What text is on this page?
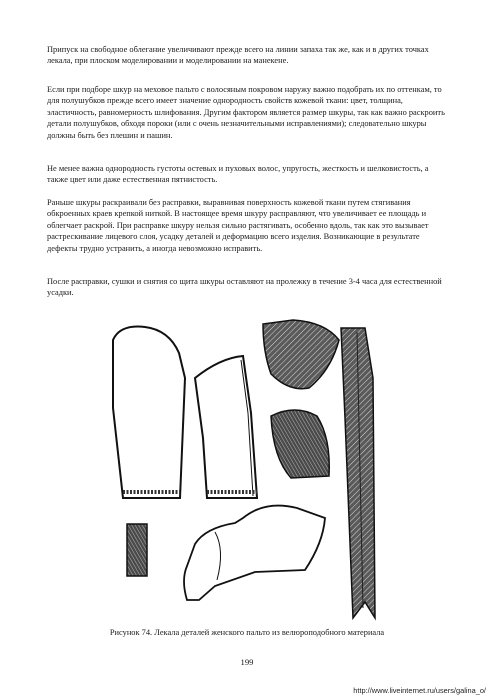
Припуск на свободное облегание увеличивают прежде всего на линии запаха так же, как и в других точках лекала, при плоском моделировании и моделировании на манекене.

Если при подборе шкур на меховое пальто с волосяным покровом наружу важно подобрать их по оттенкам, то для полушубков прежде всего имеет значение однородность свойств кожевой ткани: цвет, толщина, эластичность, равномерность шлифования. Другим фактором является размер шкуры, так как важно раскроить детали полушубков, обходя пороки (или с очень незначительными исправлениями); следовательно шкуры должны быть без плешин и пашин.

Не менее важна однородность густоты остевых и пуховых волос, упругость, жесткость и шелковистость, а также цвет или даже естественная пятнистость.

Раньше шкуры раскраивали без расправки, выравнивая поверхность кожевой ткани путем стягивания обкроенных краев крепкой ниткой. В настоящее время шкуру расправляют, что увеличивает ее площадь и облегчает раскрой. При расправке шкуру нельзя сильно растягивать, особенно вдоль, так как это вызывает растрескивание лицевого слоя, усадку деталей и деформацию всего изделия. Возникающие в результате дефекты трудно устранить, а иногда невозможно исправить.

После расправки, сушки и снятия со щита шкуры оставляют на пролежку в течение 3-4 часа для естественной усадки.

Рисунок 74. Лекала деталей женского пальто из велюроподобного материала
199
http://www.liveinternet.ru/users/galina_o/
